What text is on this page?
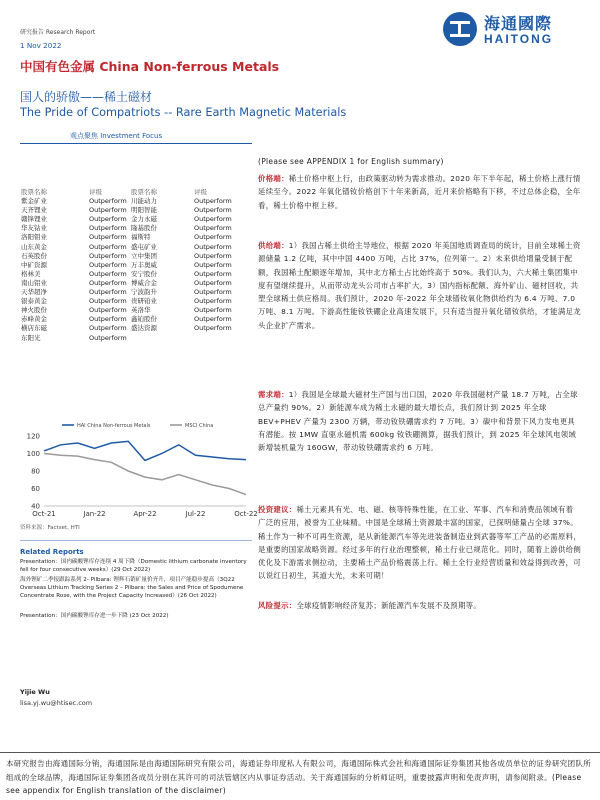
研究报告 Research Report
1 Nov 2022
中国有色金属 China Non-ferrous Metals
国人的骄傲——稀土磁材
The Pride of Compatriots -- Rare Earth Magnetic Materials
观点聚焦 Investment Focus
海通國際
HAITONG
股票名称	评级	股票名称	评级
紫金矿业	Outperform	川能动力	Outperform
天齐锂业	Outperform	明阳智能	Outperform
赣锋锂业	Outperform	金力永磁	Outperform
华友钴业	Outperform	隆基股份	Outperform
洛阳钼业	Outperform	福斯特	Outperform
山东黄金	Outperform	盛屯矿业	Outperform
石英股份	Outperform	立中集团	Outperform
中矿资源	Outperform	万丰奥威	Outperform
格林美	Outperform	安宁股份	Outperform
南山铝业	Outperform	博威合金	Outperform
天华超净	Outperform	宁波韵升	Outperform
银泰黄金	Outperform	贵研铂业	Outperform
神火股份	Outperform	英洛华	Outperform
赤峰黄金	Outperform	鑫铂股份	Outperform
横店东磁	Outperform	盛达资源	Outperform
东阳光	Outperform		
HAI China Non-ferrous Metals	MSCI China
120
100
80
60
40
Oct-21	Jan-22	Apr-22	Jul-22	Oct-22
资料来源：Factset, HTI
Related Reports
Presentation：国内碳酸锂库存连续 4 周下降（Domestic lithium carbonate inventory fell for four consecutive weeks）(29 Oct 2022)
海外锂矿二季报跟踪系列 2- Pilbara: 锂辉石销矿量价齐升，项目产能稳步提高（3Q22 Overseas Lithium Tracking Series 2 – Pilbara: the Sales and Price of Spodumene Concentrate Rose, with the Project Capacity Increased）(26 Oct 2022)
Presentation：国内碳酸锂库存进一步下降 (23 Oct 2022)
Yijie Wu
lisa.yj.wu@htisec.com
(Please see APPENDIX 1 for English summary)
价格端：稀土价格中枢上行，由政策驱动转为需求推动。2020 年下半年起，稀土价格上涨行情延续至今。2022 年氧化镨钕价格创下十年来新高，近月来价格略有下移，不过总体企稳，全年看，稀土价格中枢上移。
供给端：1）我国占稀土供给主导地位，根据 2020 年美国地质调查局的统计，目前全球稀土资源储量 1.2 亿吨，其中中国 4400 万吨，占比 37%，位列第一。2）未来供给增量受制于配额，我国稀土配额逐年增加，其中北方稀土占比始终高于 50%。我们认为，六大稀土集团集中度有望继续提升，从而带动龙头公司市占率扩大。3）国内指标配额、海外矿山、磁材回收，共塑全球稀土供应格局。我们预计，2020 年-2022 年全球镨钕氧化物供给约为 6.4 万吨、7.0 万吨、8.1 万吨。下游高性能钕铁硼企业高速发展下，只有适当提升氧化镨钕供给，才能满足龙头企业扩产需求。
需求端：1）我国是全球最大磁材生产国与出口国，2020 年我国磁材产量 18.7 万吨，占全球总产量约 90%。2）新能源车成为稀土永磁的最大增长点，我们预计到 2025 年全球 BEV+PHEV 产量为 2300 万辆，带动钕铁硼需求约 7 万吨。3）碳中和背景下风力发电更具有潜能。按 1MW 直驱永磁机需 600kg 钕铁硼测算，据我们预计，到 2025 年全球风电领域新增装机量为 160GW，带动钕铁硼需求约 6 万吨。
投资建议：稀土元素具有光、电、磁、核等特殊性能，在工业、军事、汽车和消费品领域有着广泛的应用，被誉为工业味精。中国是全球稀土资源最丰富的国家，已探明储量占全球 37%。稀土作为一种不可再生资源，是从新能源汽车等先进装备制造业到武器等军工产品的必需原料，是重要的国家战略资源。经过多年的行业治理整顿，稀土行业已规范化。同时，随着上游供给侧优化及下游需求侧拉动，主要稀土产品价格震荡上行。稀土全行业经营质量和效益得到改善，可以说红日初生，其道大光，未来可期！
风险提示：全球疫情影响经济复苏；新能源汽车发展不及预期等。
本研究报告由海通国际分销，海通国际是由海通国际研究有限公司，海通证券印度私人有限公司，海通国际株式会社和海通国际证券集团其他各成员单位的证券研究团队所组成的全球品牌，海通国际证券集团各成员分别在其许可的司法管辖区内从事证券活动。关于海通国际的分析师证明，重要披露声明和免责声明，请参阅附录。(Please see appendix for English translation of the disclaimer)
